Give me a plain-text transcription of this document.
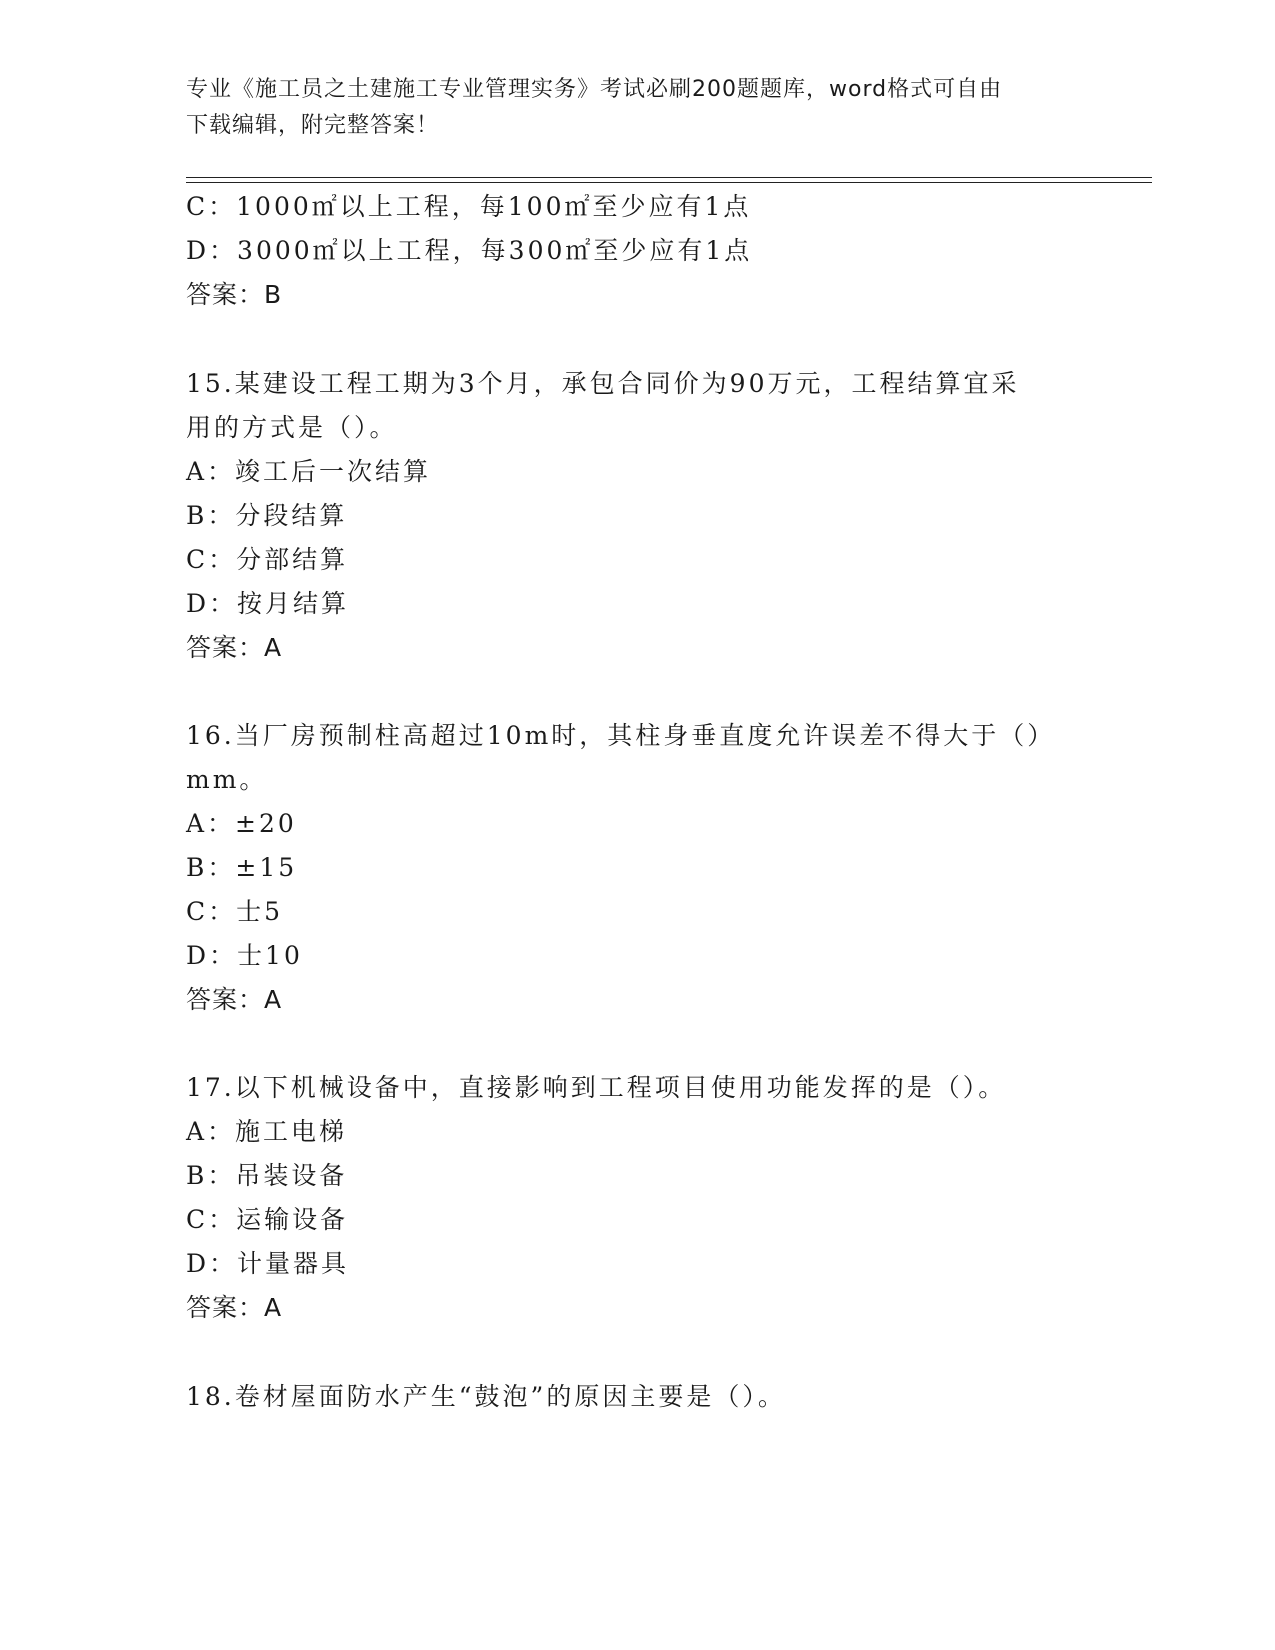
专业《施工员之土建施工专业管理实务》考试必刷200题题库，word格式可自由
下载编辑，附完整答案！
C：1000㎡以上工程，每100㎡至少应有1点
D：3000㎡以上工程，每300㎡至少应有1点
答案：B
15.某建设工程工期为3个月，承包合同价为90万元，工程结算宜采
用的方式是（）。
A：竣工后一次结算
B：分段结算
C：分部结算
D：按月结算
答案：A
16.当厂房预制柱高超过10m时，其柱身垂直度允许误差不得大于（）
mm。
A：±20
B：±15
C：士5
D：士10
答案：A
17.以下机械设备中，直接影响到工程项目使用功能发挥的是（）。
A：施工电梯
B：吊装设备
C：运输设备
D：计量器具
答案：A
18.卷材屋面防水产生“鼓泡”的原因主要是（）。
